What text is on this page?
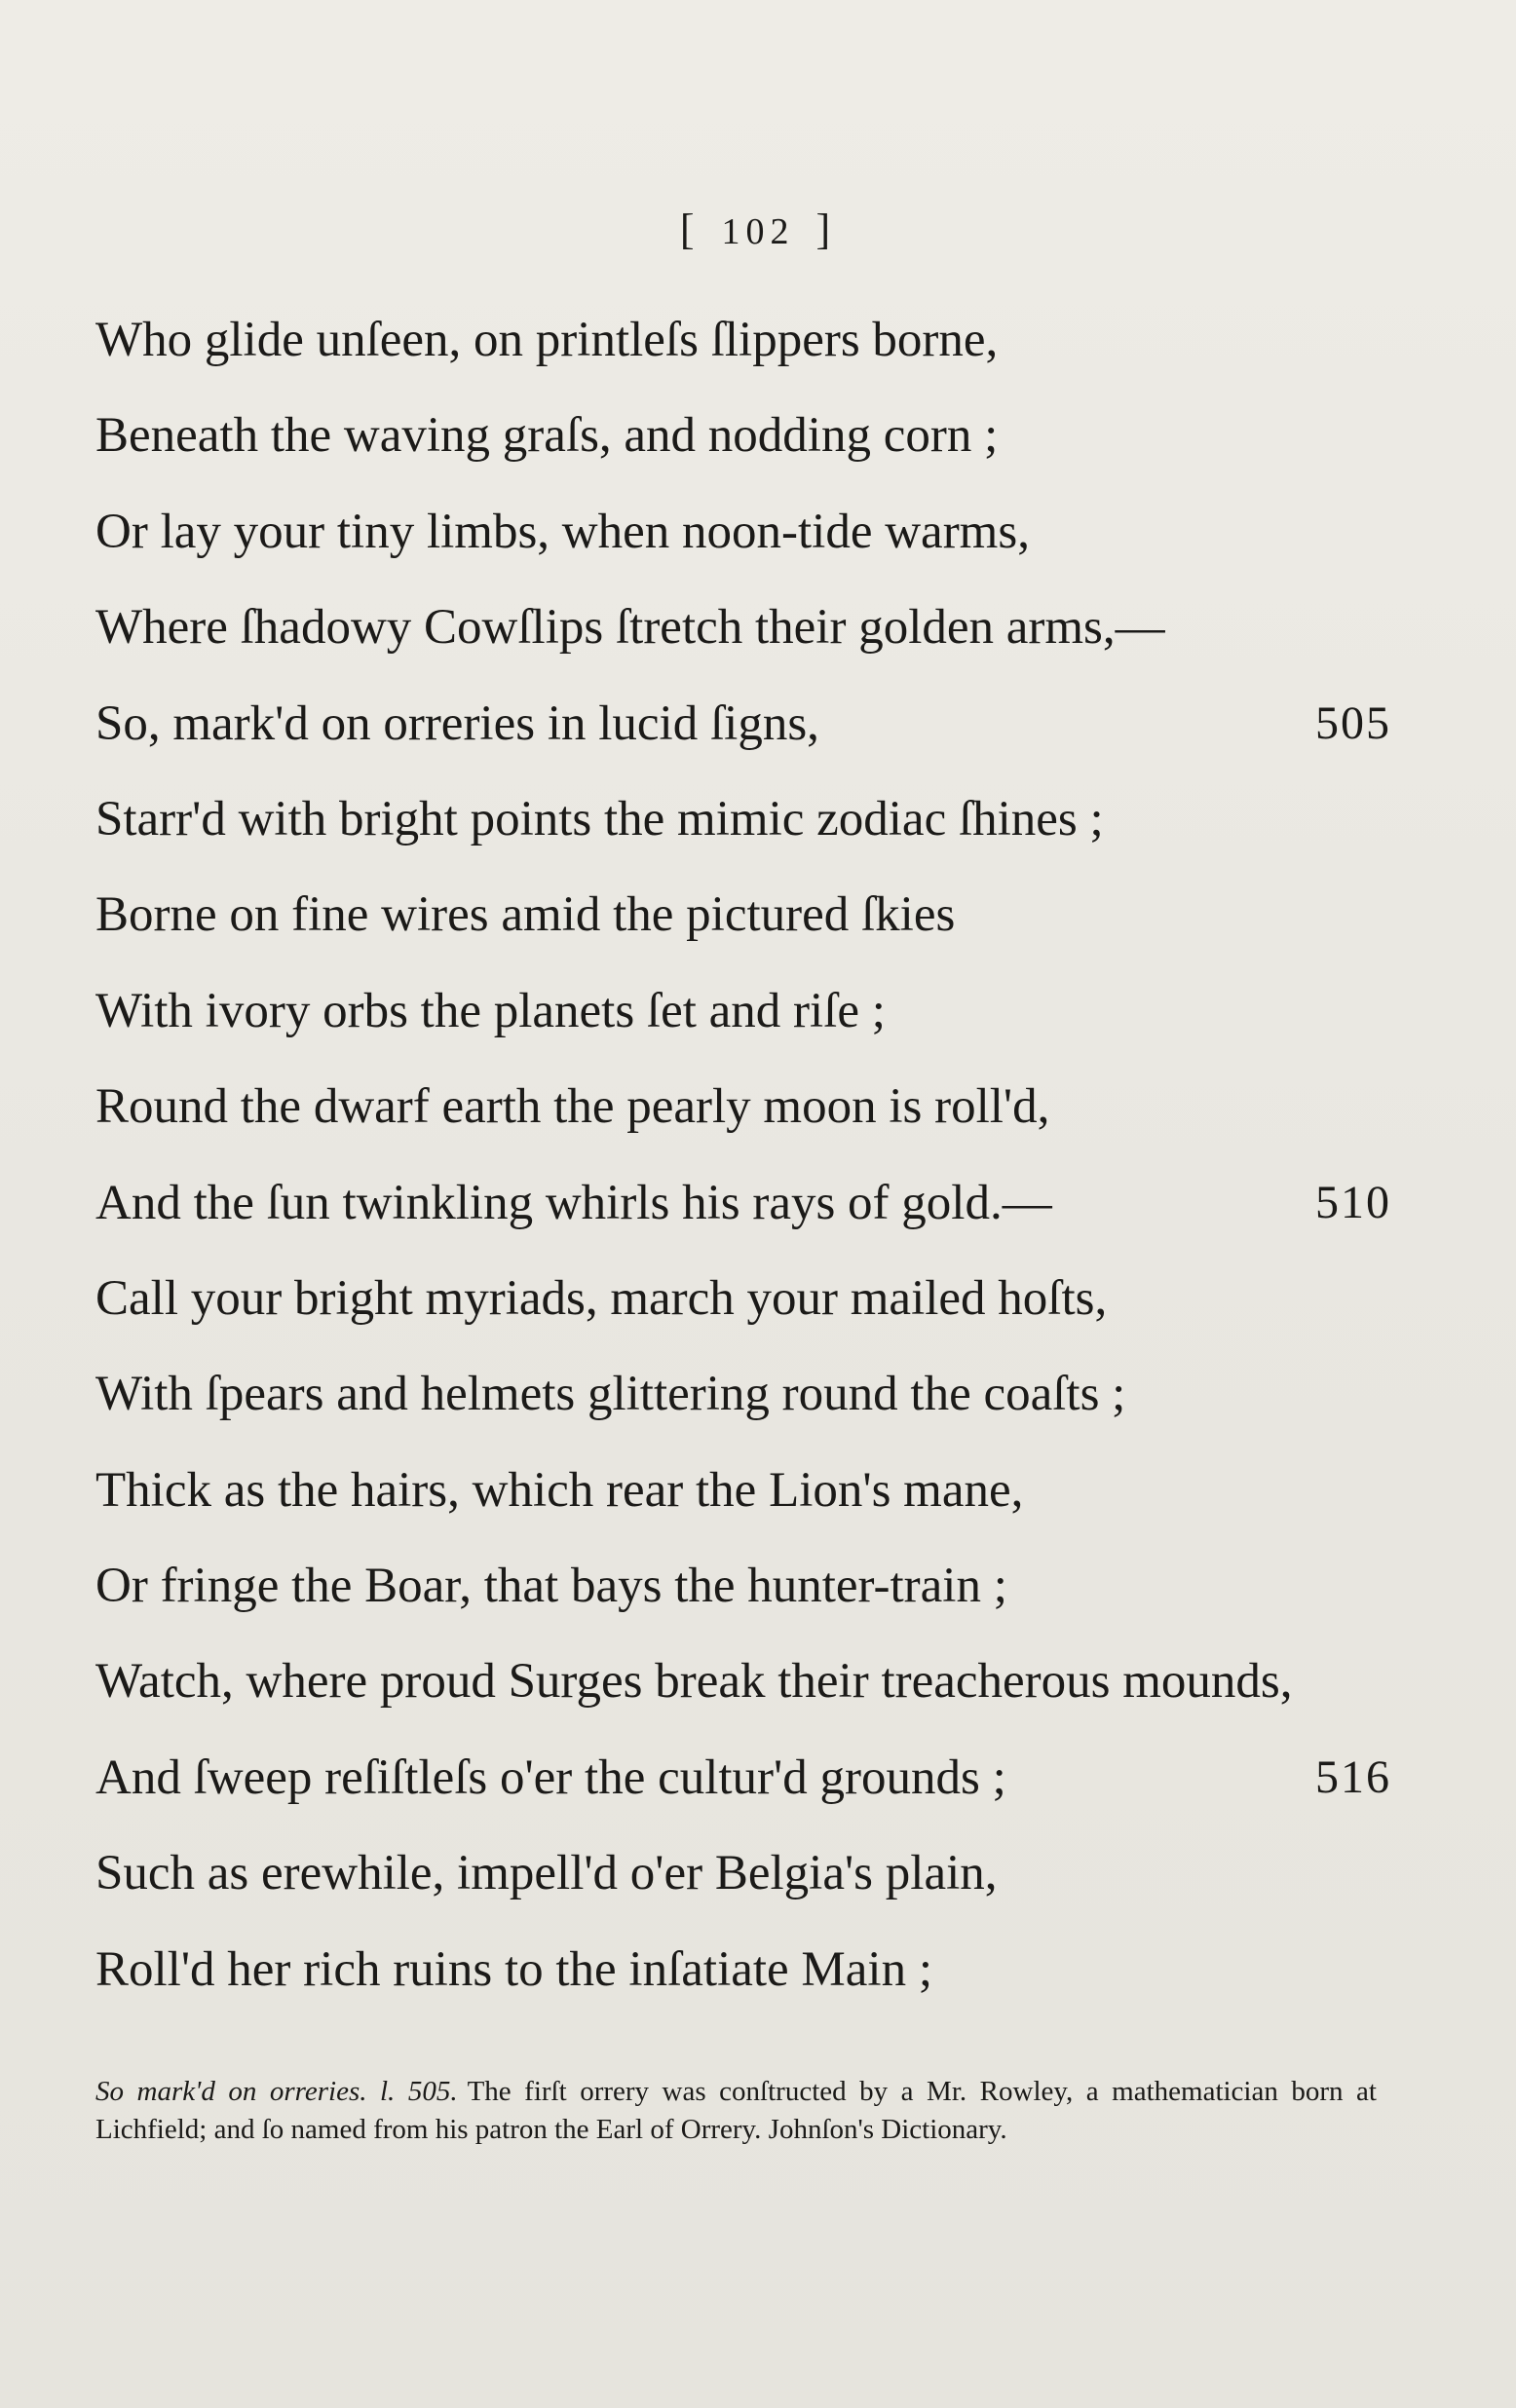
[ 102 ]
Who glide unſeen, on printleſs ſlippers borne,
Beneath the waving graſs, and nodding corn ;
Or lay your tiny limbs, when noon-tide warms,
Where ſhadowy Cowſlips ſtretch their golden arms,—
So, mark'd on orreries in lucid ſigns,	505
Starr'd with bright points the mimic zodiac ſhines ;
Borne on fine wires amid the pictured ſkies
With ivory orbs the planets ſet and riſe ;
Round the dwarf earth the pearly moon is roll'd,
And the ſun twinkling whirls his rays of gold.—	510
Call your bright myriads, march your mailed hoſts,
With ſpears and helmets glittering round the coaſts ;
Thick as the hairs, which rear the Lion's mane,
Or fringe the Boar, that bays the hunter-train ;
Watch, where proud Surges break their treacherous mounds,
And ſweep reſiſtleſs o'er the cultur'd grounds ;	516
Such as erewhile, impell'd o'er Belgia's plain,
Roll'd her rich ruins to the inſatiate Main ;
So mark'd on orreries. l. 505. The firſt orrery was conſtructed by a Mr. Rowley, a mathematician born at Lichfield; and ſo named from his patron the Earl of Orrery. Johnſon's Dictionary.
